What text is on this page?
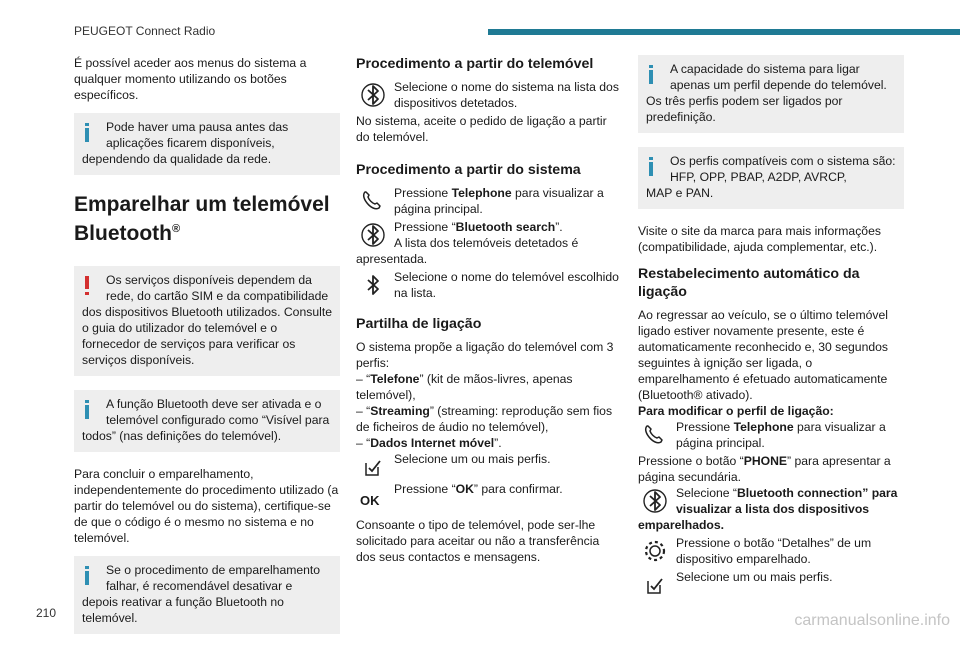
PEUGEOT Connect Radio

É possível aceder aos menus do sistema a qualquer momento utilizando os botões específicos.

Pode haver uma pausa antes das aplicações ficarem disponíveis,
dependendo da qualidade da rede.
Emparelhar um telemóvel Bluetooth®
Os serviços disponíveis dependem da rede, do cartão SIM e da compatibilidade
dos dispositivos Bluetooth utilizados. Consulte o guia do utilizador do telemóvel e o fornecedor de serviços para verificar os serviços disponíveis.
A função Bluetooth deve ser ativada e o telemóvel configurado como “Visível para
todos” (nas definições do telemóvel).

Para concluir o emparelhamento, independentemente do procedimento utilizado (a partir do telemóvel ou do sistema), certifique-se de que o código é o mesmo no sistema e no telemóvel.

Se o procedimento de emparelhamento falhar, é recomendável desativar e
depois reativar a função Bluetooth no telemóvel.
Procedimento a partir do telemóvel
Selecione o nome do sistema na lista dos dispositivos detetados.

No sistema, aceite o pedido de ligação a partir do telemóvel.

Procedimento a partir do sistema
Pressione Telephone para visualizar a página principal.
Pressione “Bluetooth search”.
A lista dos telemóveis detetados é
apresentada.
Selecione o nome do telemóvel escolhido na lista.
Partilha de ligação

O sistema propõe a ligação do telemóvel com 3 perfis:

– “Telefone” (kit de mãos-livres, apenas telemóvel),
– “Streaming” (streaming: reprodução sem fios de ficheiros de áudio no telemóvel),
– “Dados Internet móvel”.
Selecione um ou mais perfis.
OK
Pressione “OK” para confirmar.

Consoante o tipo de telemóvel, pode ser-lhe solicitado para aceitar ou não a transferência dos seus contactos e mensagens.

A capacidade do sistema para ligar apenas um perfil depende do telemóvel.
Os três perfis podem ser ligados por predefinição.
Os perfis compatíveis com o sistema são: HFP, OPP, PBAP, A2DP, AVRCP,
MAP e PAN.

Visite o site da marca para mais informações (compatibilidade, ajuda complementar, etc.).

Restabelecimento automático da ligação

Ao regressar ao veículo, se o último telemóvel ligado estiver novamente presente, este é automaticamente reconhecido e, 30 segundos seguintes à ignição ser ligada, o emparelhamento é efetuado automaticamente (Bluetooth® ativado).

Para modificar o perfil de ligação:
Pressione Telephone para visualizar a página principal.
Pressione o botão “PHONE” para apresentar a página secundária.
Selecione “Bluetooth connection” para visualizar a lista dos dispositivos
emparelhados.
Pressione o botão “Detalhes” de um dispositivo emparelhado.
Selecione um ou mais perfis.
210	carmanualsonline.info
